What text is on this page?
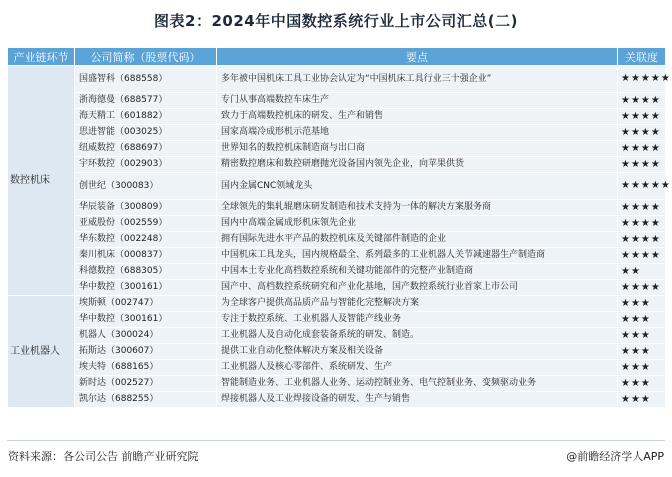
图表2：2024年中国数控系统行业上市公司汇总(二)
产业链环节	公司简称（股票代码）	要点	关联度
数控机床	国盛智科（688558）	多年被中国机床工具工业协会认定为“中国机床工具行业三十强企业”	★★★★★
	浙海德曼（688577）	专门从事高端数控车床生产	★★★★
	海天精工（601882）	致力于高端数控机床的研发、生产和销售	★★★★
	思进智能（003025）	国家高端冷成形机示范基地	★★★★
	纽威数控（688697）	世界知名的数控机床制造商与出口商	★★★★
	宇环数控（002903）	精密数控磨床和数控研磨抛光设备国内领先企业，向苹果供货	★★★★
	创世纪（300083）	国内金属CNC领域龙头	★★★★★
	华辰装备（300809）	全球领先的集轧辊磨床研发制造和技术支持为一体的解决方案服务商	★★★★
	亚威股份（002559）	国内中高端金属成形机床领先企业	★★★★
	华东数控（002248）	拥有国际先进水平产品的数控机床及关键部件制造的企业	★★★★
	秦川机床（000837）	中国机床工具龙头，国内规格最全、系列最多的工业机器人关节减速器生产制造商	★★★★
	科德数控（688305）	中国本土专业化高档数控系统和关键功能部件的完整产业制造商	★★
	华中数控（300161）	国产中、高档数控系统研究和产业化基地，国产数控系统行业首家上市公司	★★★★
工业机器人	埃斯顿（002747）	为全球客户提供高品质产品与智能化完整解决方案	★★★
	华中数控（300161）	专注于数控系统、工业机器人及智能产线业务	★★★
	机器人（300024）	工业机器人及自动化成套装备系统的研发、制造。	★★★
	拓斯达（300607）	提供工业自动化整体解决方案及相关设备	★★★
	埃夫特（688165）	工业机器人及核心零部件、系统研发、生产	★★★
	新时达（002527）	智能制造业务、工业机器人业务、运动控制业务、电气控制业务、变频驱动业务	★★★
	凯尔达（688255）	焊接机器人及工业焊接设备的研发、生产与销售	★★★
资料来源：各公司公告 前瞻产业研究院	@前瞻经济学人APP
